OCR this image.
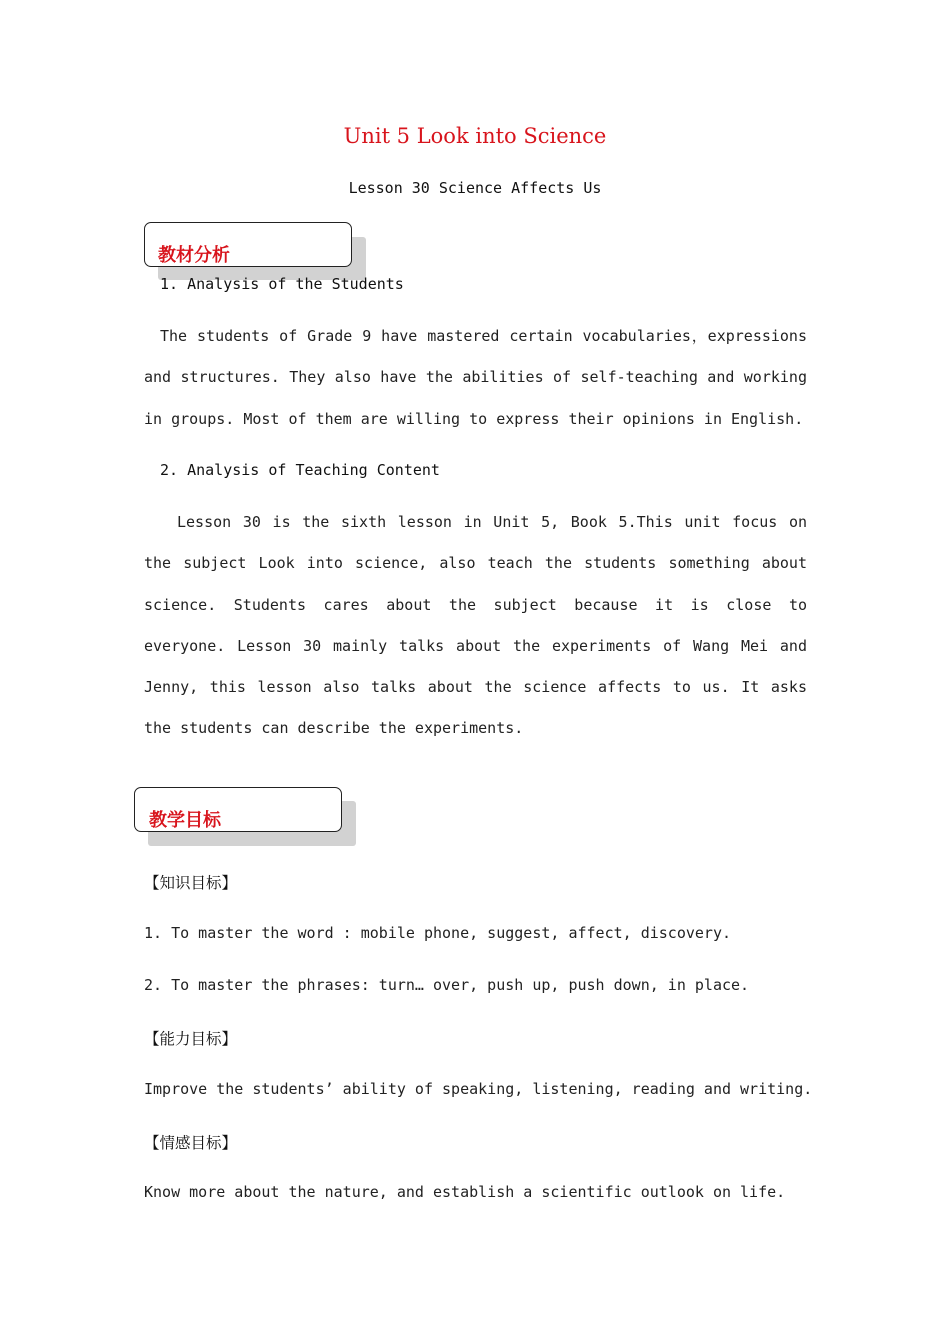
Unit 5 Look into Science
Lesson 30 Science Affects Us
教材分析
1. Analysis of the Students

The students of Grade 9 have mastered certain vocabularies，expressions and structures. They also have the abilities of self-teaching and working in groups. Most of them are willing to express their opinions in English.

2. Analysis of Teaching Content

Lesson 30 is the sixth lesson in Unit 5, Book 5.This unit focus on the subject Look into science, also teach the students something about science. Students cares about the subject because it is close to everyone. Lesson 30 mainly talks about the experiments of Wang Mei and Jenny, this lesson also talks about the science affects to us. It asks the students can describe the experiments.

教学目标
【知识目标】
1. To master the word : mobile phone, suggest, affect, discovery.
2. To master the phrases: turn… over, push up, push down, in place.
【能力目标】
Improve the students’ ability of speaking, listening, reading and writing.
【情感目标】
Know more about the nature, and establish a scientific outlook on life.
